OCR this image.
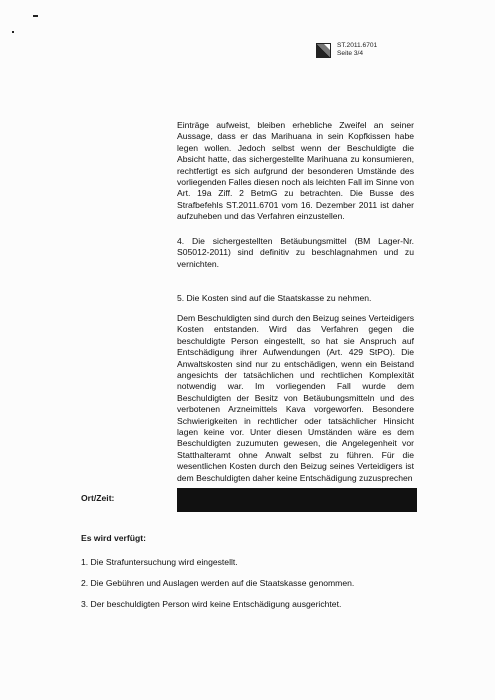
ST.2011.6701
Seite 3/4
Einträge aufweist, bleiben erhebliche Zweifel an seiner Aussage, dass er das Marihuana in sein Kopfkissen habe legen wollen. Jedoch selbst wenn der Beschuldigte die Absicht hatte, das sichergestellte Marihuana zu konsumieren, rechtfertigt es sich aufgrund der besonderen Umstände des vorliegenden Falles diesen noch als leichten Fall im Sinne von Art. 19a Ziff. 2 BetmG zu betrachten. Die Busse des Strafbefehls ST.2011.6701 vom 16. Dezember 2011 ist daher aufzuheben und das Verfahren einzustellen.
4. Die sichergestellten Betäubungsmittel (BM Lager-Nr. S05012-2011) sind definitiv zu beschlagnahmen und zu vernichten.
5. Die Kosten sind auf die Staatskasse zu nehmen.
Dem Beschuldigten sind durch den Beizug seines Verteidigers Kosten entstanden. Wird das Verfahren gegen die beschuldigte Person eingestellt, so hat sie Anspruch auf Entschädigung ihrer Aufwendungen (Art. 429 StPO). Die Anwaltskosten sind nur zu entschädigen, wenn ein Beistand angesichts der tatsächlichen und rechtlichen Komplexität notwendig war. Im vorliegenden Fall wurde dem Beschuldigten der Besitz von Betäubungsmitteln und des verbotenen Arzneimittels Kava vorgeworfen. Besondere Schwierigkeiten in rechtlicher oder tatsächlicher Hinsicht lagen keine vor. Unter diesen Umständen wäre es dem Beschuldigten zuzumuten gewesen, die Angelegenheit vor Statthalteramt ohne Anwalt selbst zu führen. Für die wesentlichen Kosten durch den Beizug seines Verteidigers ist dem Beschuldigten daher keine Entschädigung zuzusprechen
Ort/Zeit:
Es wird verfügt:
1. Die Strafuntersuchung wird eingestellt.
2. Die Gebühren und Auslagen werden auf die Staatskasse genommen.
3. Der beschuldigten Person wird keine Entschädigung ausgerichtet.
